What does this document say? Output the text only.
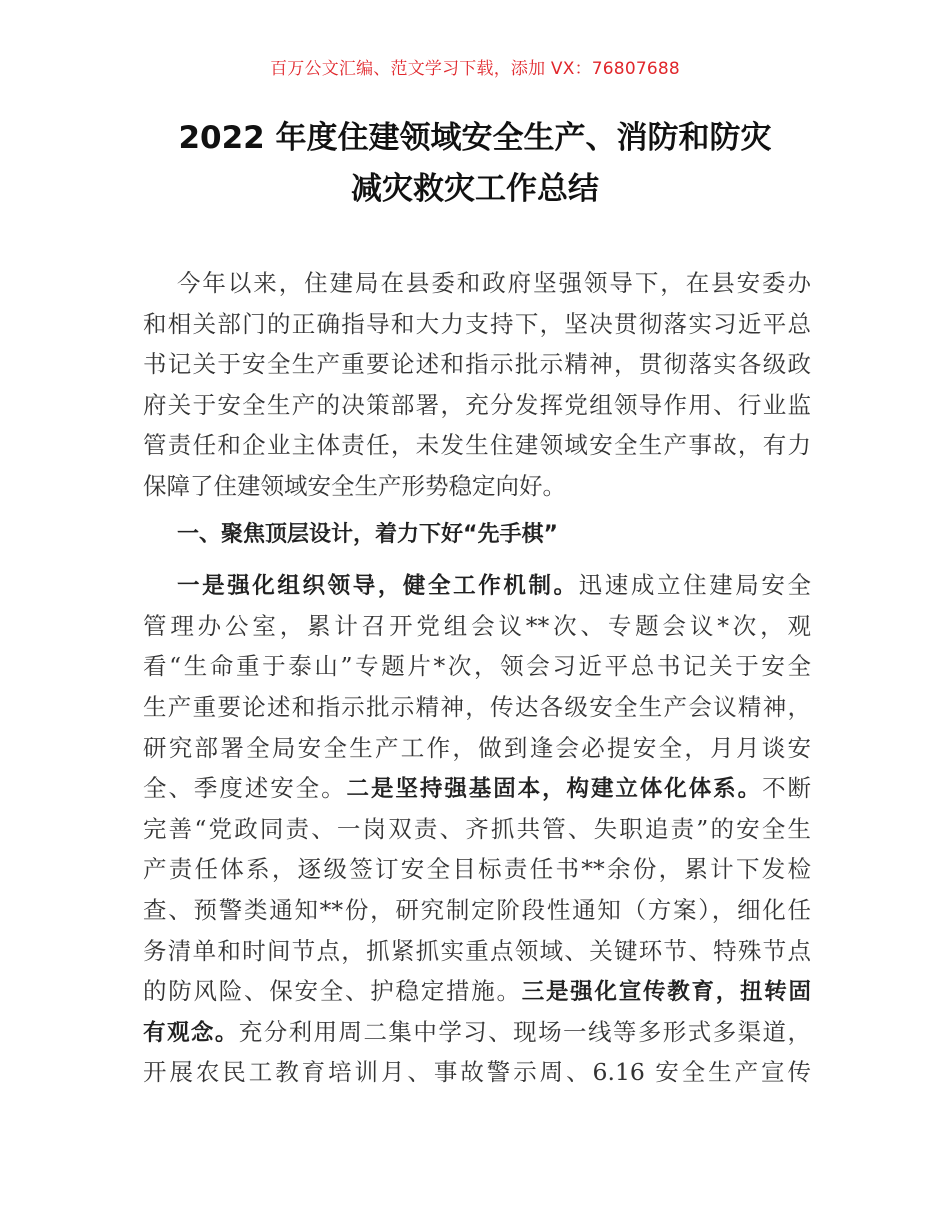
百万公文汇编、范文学习下载，添加 VX：76807688
2022 年度住建领域安全生产、消防和防灾
减灾救灾工作总结
今年以来，住建局在县委和政府坚强领导下，在县安委办
和相关部门的正确指导和大力支持下，坚决贯彻落实习近平总
书记关于安全生产重要论述和指示批示精神，贯彻落实各级政
府关于安全生产的决策部署，充分发挥党组领导作用、行业监
管责任和企业主体责任，未发生住建领域安全生产事故，有力
保障了住建领域安全生产形势稳定向好。
一、聚焦顶层设计，着力下好“先手棋”
一是强化组织领导，健全工作机制。迅速成立住建局安全
管理办公室，累计召开党组会议**次、专题会议*次，观
看“生命重于泰山”专题片*次，领会习近平总书记关于安全
生产重要论述和指示批示精神，传达各级安全生产会议精神，
研究部署全局安全生产工作，做到逢会必提安全，月月谈安
全、季度述安全。二是坚持强基固本，构建立体化体系。不断
完善“党政同责、一岗双责、齐抓共管、失职追责”的安全生
产责任体系，逐级签订安全目标责任书**余份，累计下发检
查、预警类通知**份，研究制定阶段性通知（方案），细化任
务清单和时间节点，抓紧抓实重点领域、关键环节、特殊节点
的防风险、保安全、护稳定措施。三是强化宣传教育，扭转固
有观念。充分利用周二集中学习、现场一线等多形式多渠道，
开展农民工教育培训月、事故警示周、6.16 安全生产宣传
